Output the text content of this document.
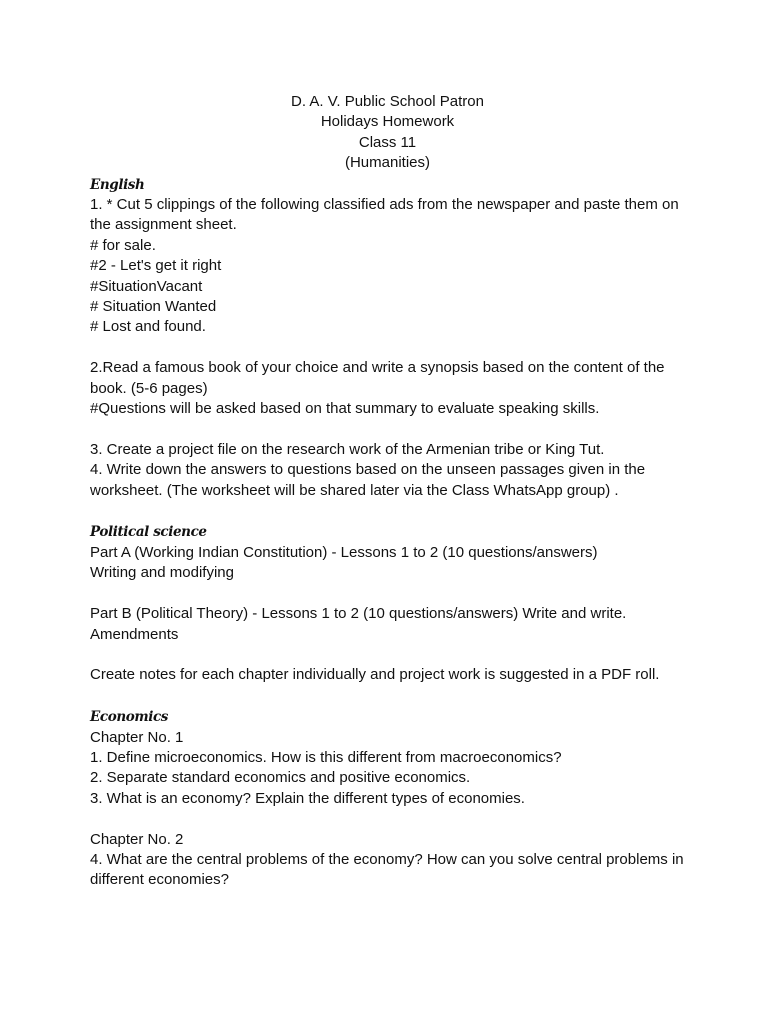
D. A. V. Public School Patron
Holidays Homework
Class 11
(Humanities)
English
1. * Cut 5 clippings of the following classified ads from the newspaper and paste them on the assignment sheet.
# for sale.
#2 - Let's get it right
#SituationVacant
# Situation Wanted
# Lost and found.
2.Read a famous book of your choice and write a synopsis based on the content of the book. (5-6 pages)
#Questions will be asked based on that summary to evaluate speaking skills.
3. Create a project file on the research work of the Armenian tribe or King Tut.
4. Write down the answers to questions based on the unseen passages given in the worksheet. (The worksheet will be shared later via the Class WhatsApp group) .
Political science
Part A (Working Indian Constitution) - Lessons 1 to 2 (10 questions/answers)
Writing and modifying
Part B (Political Theory) - Lessons 1 to 2 (10 questions/answers) Write and write.
Amendments
Create notes for each chapter individually and project work is suggested in a PDF roll.
Economics
Chapter No. 1
1. Define microeconomics. How is this different from macroeconomics?
2. Separate standard economics and positive economics.
3. What is an economy? Explain the different types of economies.
Chapter No. 2
4. What are the central problems of the economy? How can you solve central problems in different economies?
